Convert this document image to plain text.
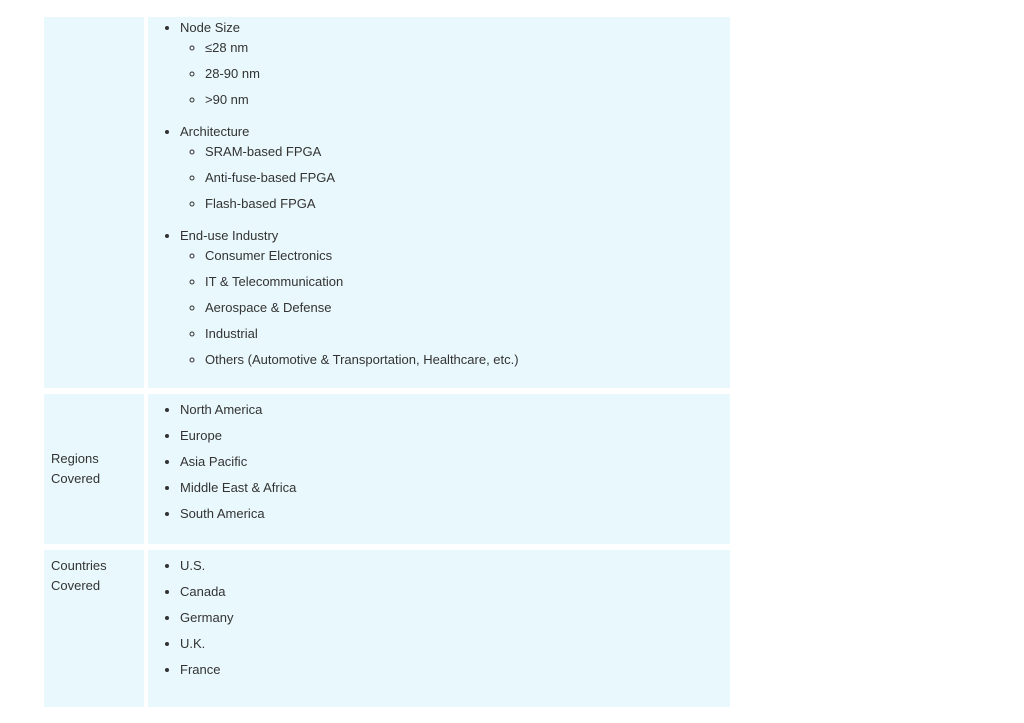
• Node Size
◦ ≤28 nm
◦ 28-90 nm
◦ >90 nm
• Architecture
◦ SRAM-based FPGA
◦ Anti-fuse-based FPGA
◦ Flash-based FPGA
• End-use Industry
◦ Consumer Electronics
◦ IT & Telecommunication
◦ Aerospace & Defense
◦ Industrial
◦ Others (Automotive & Transportation, Healthcare, etc.)
Regions
Covered
• North America
• Europe
• Asia Pacific
• Middle East & Africa
• South America
Countries
Covered
• U.S.
• Canada
• Germany
• U.K.
• France
